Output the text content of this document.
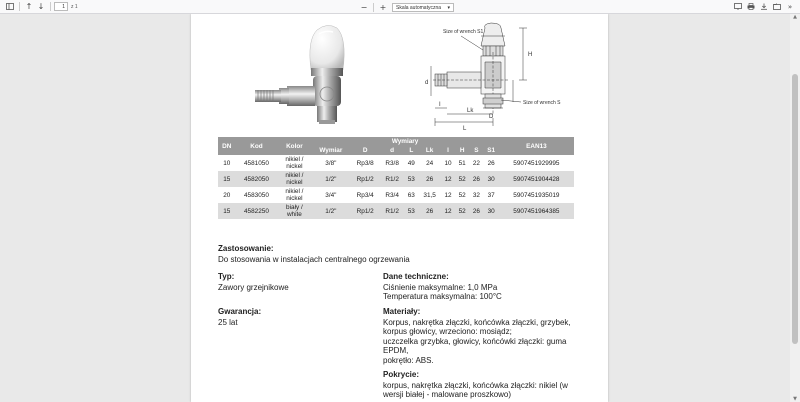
↑ ↓	1	z 1	−	+	Skala automatyczna ▾	»
Size of wrench S1
Size of wrench S
H
d
D
L
Lk
I
DN	Kod	Kolor	Wymiary									EAN13
			Wymiar	D	d	L	Lk	I	H	S	S1	
10	4581050	nikiel / nickel	3/8"	Rp3/8	R3/8	49	24	10	51	22	26	5907451929995
15	4582050	nikiel / nickel	1/2"	Rp1/2	R1/2	53	26	12	52	26	30	5907451904428
20	4583050	nikiel / nickel	3/4"	Rp3/4	R3/4	63	31,5	12	52	32	37	5907451935019
15	4582250	biały / white	1/2"	Rp1/2	R1/2	53	26	12	52	26	30	5907451964385
Zastosowanie:
Do stosowania w instalacjach centralnego ogrzewania
Typ:
Zawory grzejnikowe
Gwarancja:
25 lat
Dane techniczne:
Ciśnienie maksymalne: 1,0 MPa
Temperatura maksymalna: 100°C
Materiały:
Korpus, nakrętka złączki, końcówka złączki, grzybek,
korpus głowicy, wrzeciono: mosiądz;
uczczelka grzybka, głowicy, końcówki złączki: guma
EPDM,
pokrętło: ABS.
Pokrycie:
korpus, nakrętka złączki, końcówka złączki: nikiel (w
wersji białej - malowane proszkowo)
▲
▼
